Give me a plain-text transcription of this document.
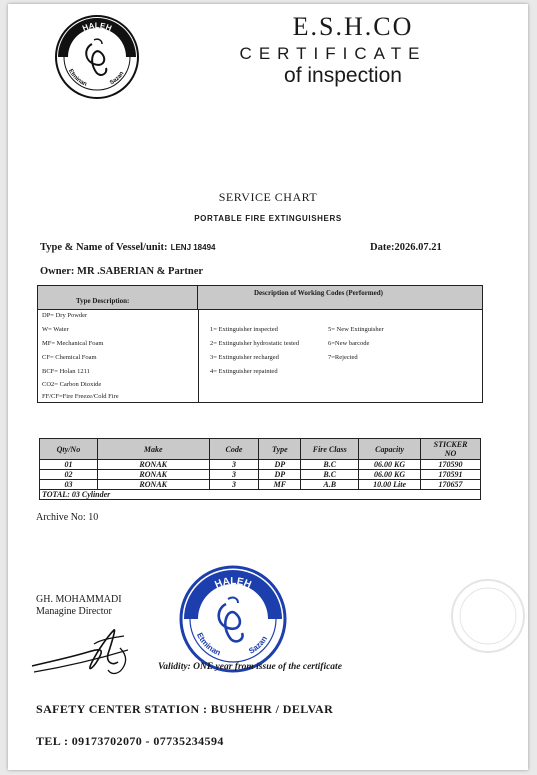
HALEH
Etminan	Sazan
E.S.H.CO
CERTIFICATE
of inspection
SERVICE CHART
PORTABLE FIRE EXTINGUISHERS
Type & Name of Vessel/unit: LENJ 18494	Date:2026.07.21
Owner: MR .SABERIAN & Partner
Type Description:
Description of Working Codes (Performed)
DP= Dry Powder
W= Water
MF= Mechanical Foam
CF= Chemical Foam
BCF= Holan 1211
CO2= Carbon Dioxide
FF/CF=Fire Freeze/Cold Fire
1= Extinguisher inspected
2= Extinguisher hydrostatic tested
3= Extinguisher recharged
4= Extinguisher repainted
5= New Extinguisher
6=New barcode
7=Rejected
Qty/No	Make	Code	Type	Fire Class	Capacity	STICKER
NO
01	RONAK	3	DP	B.C	06.00 KG	170590
02	RONAK	3	DP	B.C	06.00 KG	170591
03	RONAK	3	MF	A.B	10.00 Lite	170657
TOTAL: 03 Cylinder						
Archive No: 10
GH. MOHAMMADI
Managine Director
HALEH
Etminan	Sazan
Validity: ONE year from issue of the certificate
SAFETY CENTER STATION : BUSHEHR / DELVAR
TEL : 09173702070 - 07735234594
